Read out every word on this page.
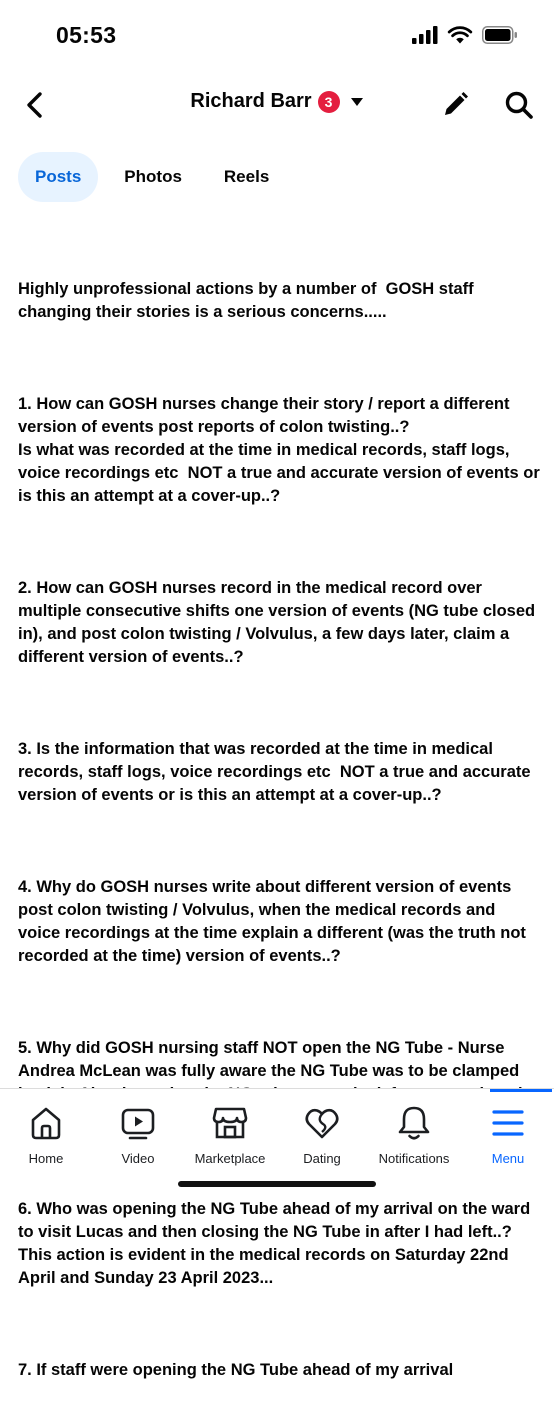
05:53
Richard Barr 3
Posts	Photos	Reels

Highly unprofessional actions by a number of  GOSH staff changing their stories is a serious concerns.....

1. How can GOSH nurses change their story / report a different version of events post reports of colon twisting..?
Is what was recorded at the time in medical records, staff logs, voice recordings etc  NOT a true and accurate version of events or is this an attempt at a cover-up..?

2. How can GOSH nurses record in the medical record over multiple consecutive shifts one version of events (NG tube closed in), and post colon twisting / Volvulus, a few days later, claim a different version of events..?

3. Is the information that was recorded at the time in medical records, staff logs, voice recordings etc  NOT a true and accurate version of events or is this an attempt at a cover-up..?

4. Why do GOSH nurses write about different version of events post colon twisting / Volvulus, when the medical records and voice recordings at the time explain a different (was the truth not recorded at the time) version of events..?

5. Why did GOSH nursing staff NOT open the NG Tube - Nurse Andrea McLean was fully aware the NG Tube was to be clamped

6. Who was opening the NG Tube ahead of my arrival on the ward to visit Lucas and then closing the NG Tube in after I had left..?
This action is evident in the medical records on Saturday 22nd April and Sunday 23 April 2023...

7. If staff were opening the NG Tube ahead of my arrival

Home	Video	Marketplace	Dating	Notifications	Menu
